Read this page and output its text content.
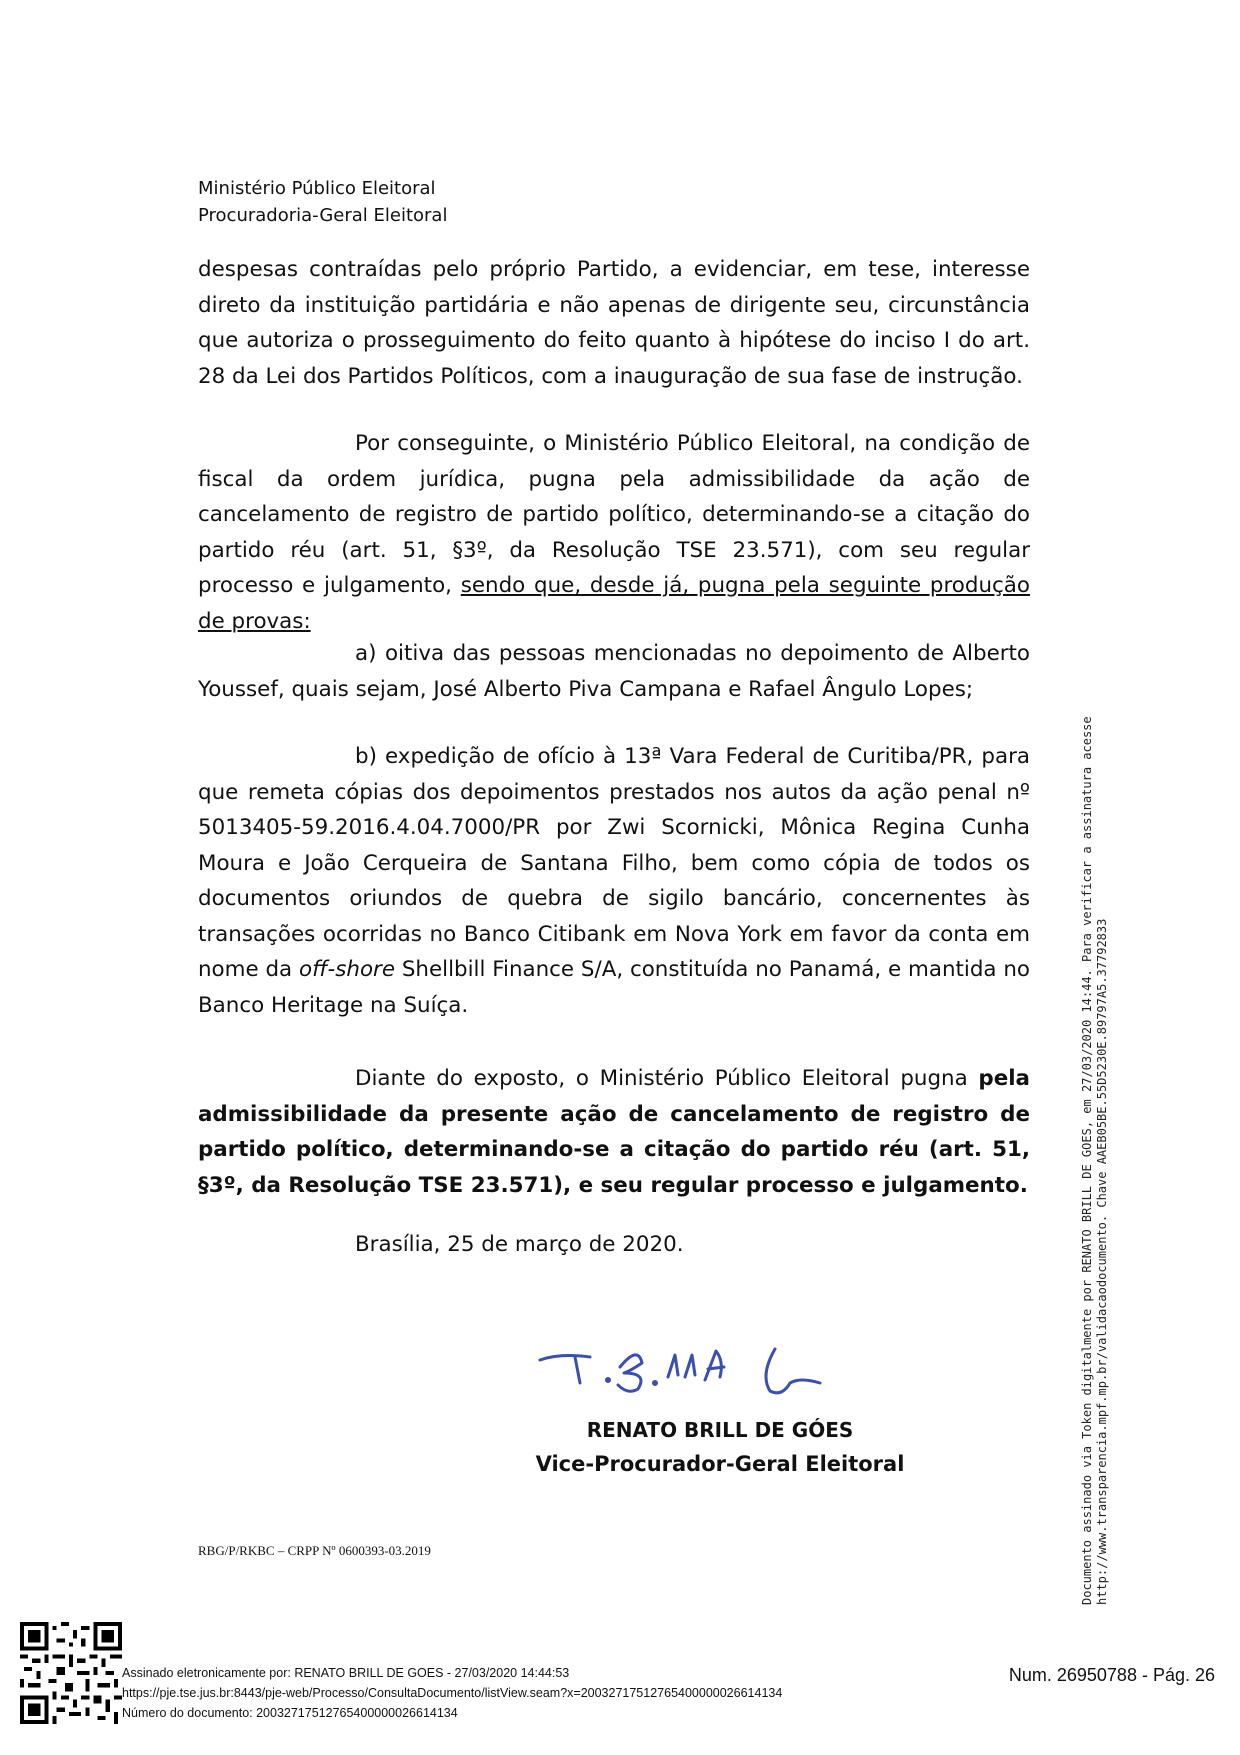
Ministério Público Eleitoral
Procuradoria-Geral Eleitoral
despesas contraídas pelo próprio Partido, a evidenciar, em tese, interesse direto da instituição partidária e não apenas de dirigente seu, circunstância que autoriza o prosseguimento do feito quanto à hipótese do inciso I do art. 28 da Lei dos Partidos Políticos, com a inauguração de sua fase de instrução.
Por conseguinte, o Ministério Público Eleitoral, na condição de fiscal da ordem jurídica, pugna pela admissibilidade da ação de cancelamento de registro de partido político, determinando-se a citação do partido réu (art. 51, §3º, da Resolução TSE 23.571), com seu regular processo e julgamento, sendo que, desde já, pugna pela seguinte produção de provas:
a) oitiva das pessoas mencionadas no depoimento de Alberto Youssef, quais sejam, José Alberto Piva Campana e Rafael Ângulo Lopes;
b) expedição de ofício à 13ª Vara Federal de Curitiba/PR, para que remeta cópias dos depoimentos prestados nos autos da ação penal nº 5013405-59.2016.4.04.7000/PR por Zwi Scornicki, Mônica Regina Cunha Moura e João Cerqueira de Santana Filho, bem como cópia de todos os documentos oriundos de quebra de sigilo bancário, concernentes às transações ocorridas no Banco Citibank em Nova York em favor da conta em nome da off-shore Shellbill Finance S/A, constituída no Panamá, e mantida no Banco Heritage na Suíça.
Diante do exposto, o Ministério Público Eleitoral pugna pela admissibilidade da presente ação de cancelamento de registro de partido político, determinando-se a citação do partido réu (art. 51, §3º, da Resolução TSE 23.571), e seu regular processo e julgamento.
Brasília, 25 de março de 2020.
RENATO BRILL DE GÓES
Vice-Procurador-Geral Eleitoral
RBG/P/RKBC – CRPP Nº 0600393-03.2019	Documento assinado via Token digitalmente por RENATO BRILL DE GOES, em 27/03/2020 14:44. Para verificar a assinatura acesse http://www.transparencia.mpf.mp.br/validacaodocumento. Chave AAEB05BE.55D5230E.89797A5.37792833
Assinado eletronicamente por: RENATO BRILL DE GOES - 27/03/2020 14:44:53
https://pje.tse.jus.br:8443/pje-web/Processo/ConsultaDocumento/listView.seam?x=20032717512765400000026614134
Número do documento: 20032717512765400000026614134
Num. 26950788 - Pág. 26
